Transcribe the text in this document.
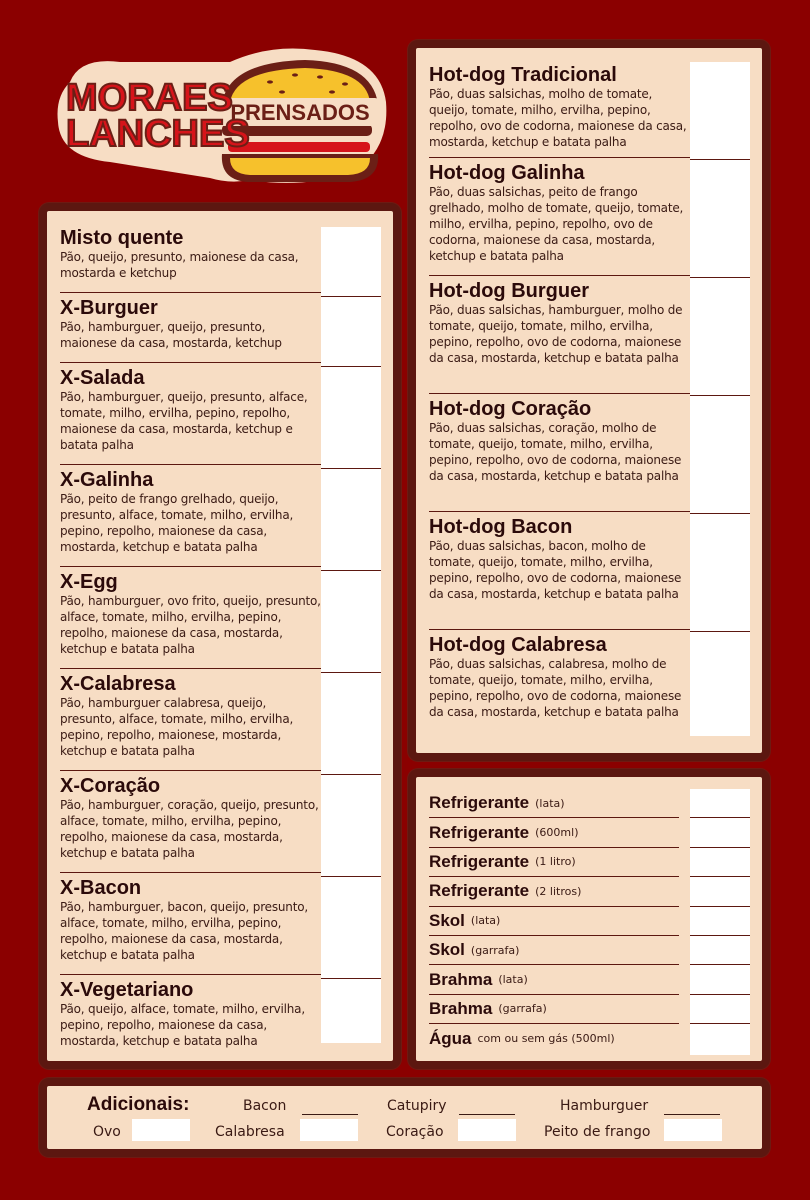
PRENSADOS
MORAES
LANCHES
Misto quente
Pão, queijo, presunto, maionese da casa, mostarda e ketchup
X-Burguer
Pão, hamburguer, queijo, presunto, maionese da casa, mostarda, ketchup
X-Salada
Pão, hamburguer, queijo, presunto, alface, tomate, milho, ervilha, pepino, repolho, maionese da casa, mostarda, ketchup e batata palha
X-Galinha
Pão, peito de frango grelhado, queijo, presunto, alface, tomate, milho, ervilha, pepino, repolho, maionese da casa, mostarda, ketchup e batata palha
X-Egg
Pão, hamburguer, ovo frito, queijo, presunto, alface, tomate, milho, ervilha, pepino, repolho, maionese da casa, mostarda, ketchup e batata palha
X-Calabresa
Pão, hamburguer calabresa, queijo, presunto, alface, tomate, milho, ervilha, pepino, repolho, maionese, mostarda, ketchup e batata palha
X-Coração
Pão, hamburguer, coração, queijo, presunto, alface, tomate, milho, ervilha, pepino, repolho, maionese da casa, mostarda, ketchup e batata palha
X-Bacon
Pão, hamburguer, bacon, queijo, presunto, alface, tomate, milho, ervilha, pepino, repolho, maionese da casa, mostarda, ketchup e batata palha
X-Vegetariano
Pão, queijo, alface, tomate, milho, ervilha, pepino, repolho, maionese da casa, mostarda, ketchup e batata palha
Hot-dog Tradicional
Pão, duas salsichas, molho de tomate, queijo, tomate, milho, ervilha, pepino, repolho, ovo de codorna, maionese da casa, mostarda, ketchup e batata palha
Hot-dog Galinha
Pão, duas salsichas, peito de frango grelhado, molho de tomate, queijo, tomate, milho, ervilha, pepino, repolho, ovo de codorna, maionese da casa, mostarda, ketchup e batata palha
Hot-dog Burguer
Pão, duas salsichas, hamburguer, molho de tomate, queijo, tomate, milho, ervilha, pepino, repolho, ovo de codorna, maionese da casa, mostarda, ketchup e batata palha
Hot-dog Coração
Pão, duas salsichas, coração, molho de tomate, queijo, tomate, milho, ervilha, pepino, repolho, ovo de codorna, maionese da casa, mostarda, ketchup e batata palha
Hot-dog Bacon
Pão, duas salsichas, bacon, molho de tomate, queijo, tomate, milho, ervilha, pepino, repolho, ovo de codorna, maionese da casa, mostarda, ketchup e batata palha
Hot-dog Calabresa
Pão, duas salsichas, calabresa, molho de tomate, queijo, tomate, milho, ervilha, pepino, repolho, ovo de codorna, maionese da casa, mostarda, ketchup e batata palha
Refrigerante (lata)
Refrigerante (600ml)
Refrigerante (1 litro)
Refrigerante (2 litros)
Skol (lata)
Skol (garrafa)
Brahma (lata)
Brahma (garrafa)
Água com ou sem gás (500ml)
Adicionais:	Bacon	Catupiry	Hamburguer
Ovo	Calabresa	Coração	Peito de frango
